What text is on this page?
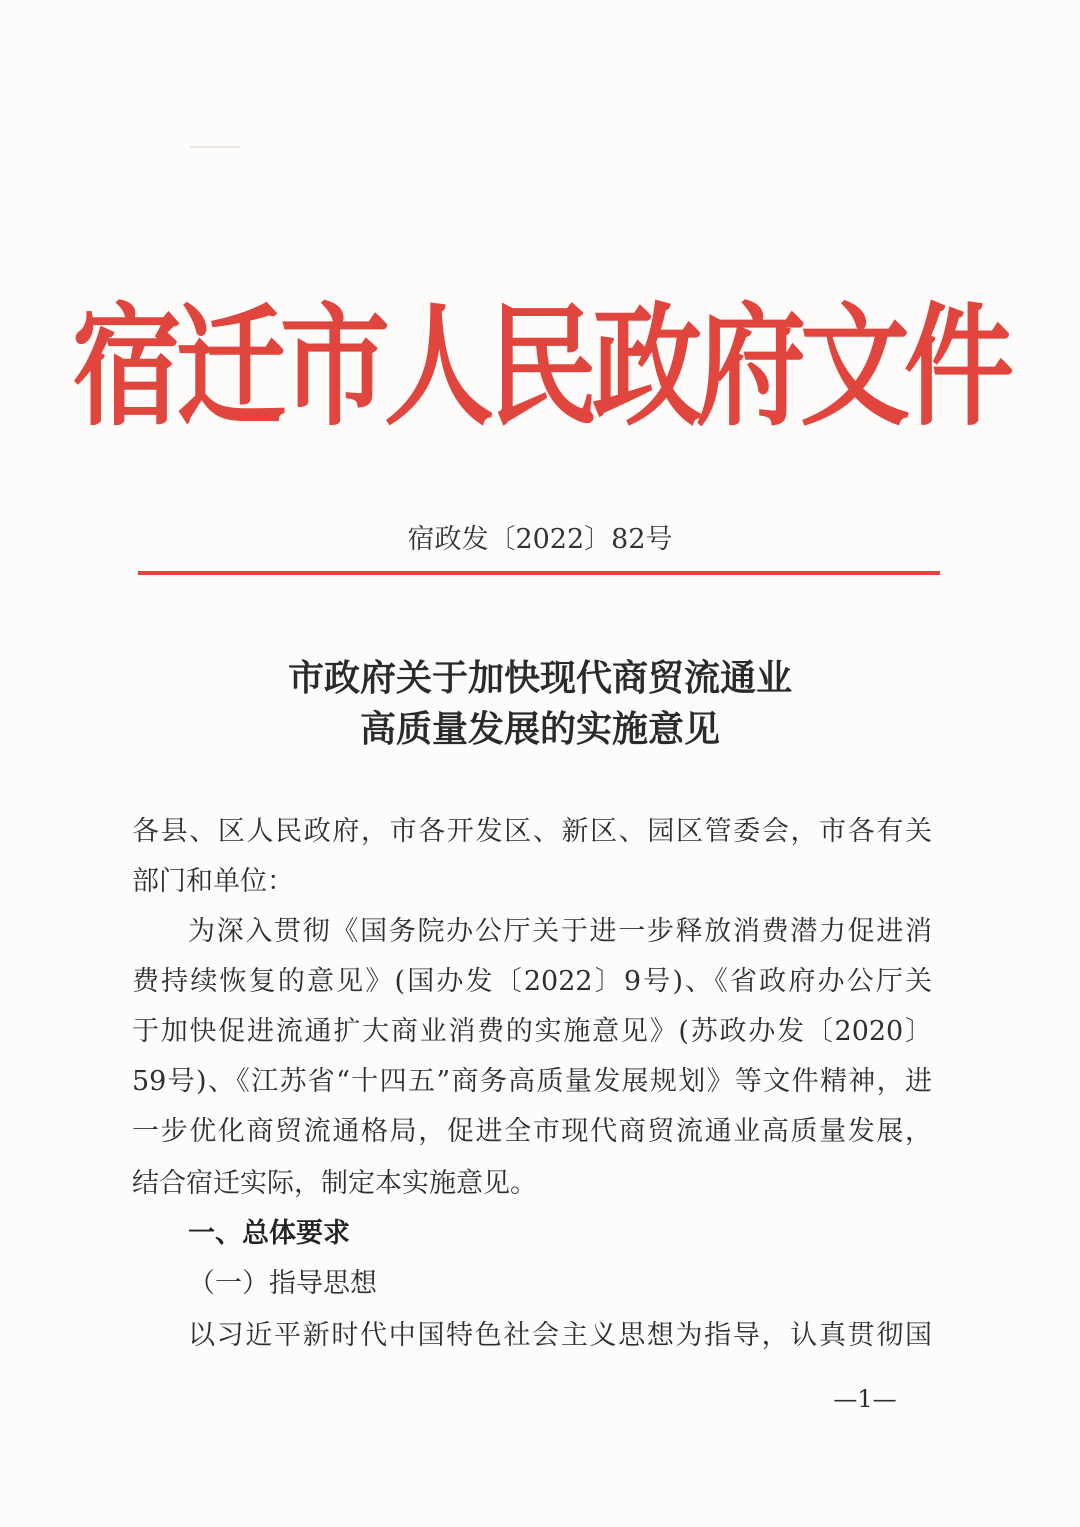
宿迁市人民政府文件
宿政发〔2022〕82号
市政府关于加快现代商贸流通业
高质量发展的实施意见
各县、区人民政府，市各开发区、新区、园区管委会，市各有关
部门和单位：
为深入贯彻《国务院办公厅关于进一步释放消费潜力促进消
费持续恢复的意见》(国办发〔2022〕9号)、《省政府办公厅关
于加快促进流通扩大商业消费的实施意见》(苏政办发〔2020〕
59号)、《江苏省“十四五”商务高质量发展规划》等文件精神，进
一步优化商贸流通格局，促进全市现代商贸流通业高质量发展，
结合宿迁实际，制定本实施意见。
一、总体要求
（一）指导思想
以习近平新时代中国特色社会主义思想为指导，认真贯彻国
—1—
